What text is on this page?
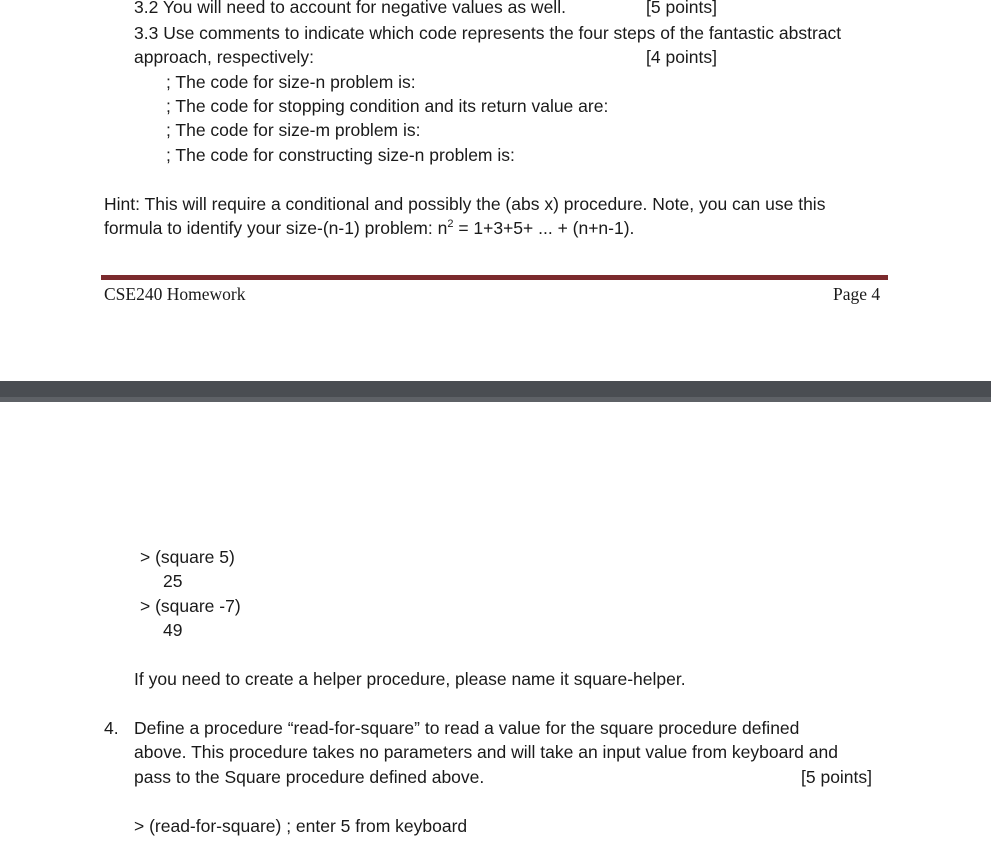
3.2 You will need to account for negative values as well.	[5 points]
3.3 Use comments to indicate which code represents the four steps of the fantastic abstract
approach, respectively:	[4 points]
; The code for size-n problem is:
; The code for stopping condition and its return value are:
; The code for size-m problem is:
; The code for constructing size-n problem is:
Hint: This will require a conditional and possibly the (abs x) procedure. Note, you can use this
formula to identify your size-(n-1) problem: $n^2 = 1+3+5+$ ... + (n+n-1).
CSE240 Homework	Page 4
> (square 5)
25
> (square -7)
49
If you need to create a helper procedure, please name it square-helper.
4. Define a procedure “read-for-square” to read a value for the square procedure defined
above. This procedure takes no parameters and will take an input value from keyboard and
pass to the Square procedure defined above.	[5 points]
> (read-for-square) ; enter 5 from keyboard
